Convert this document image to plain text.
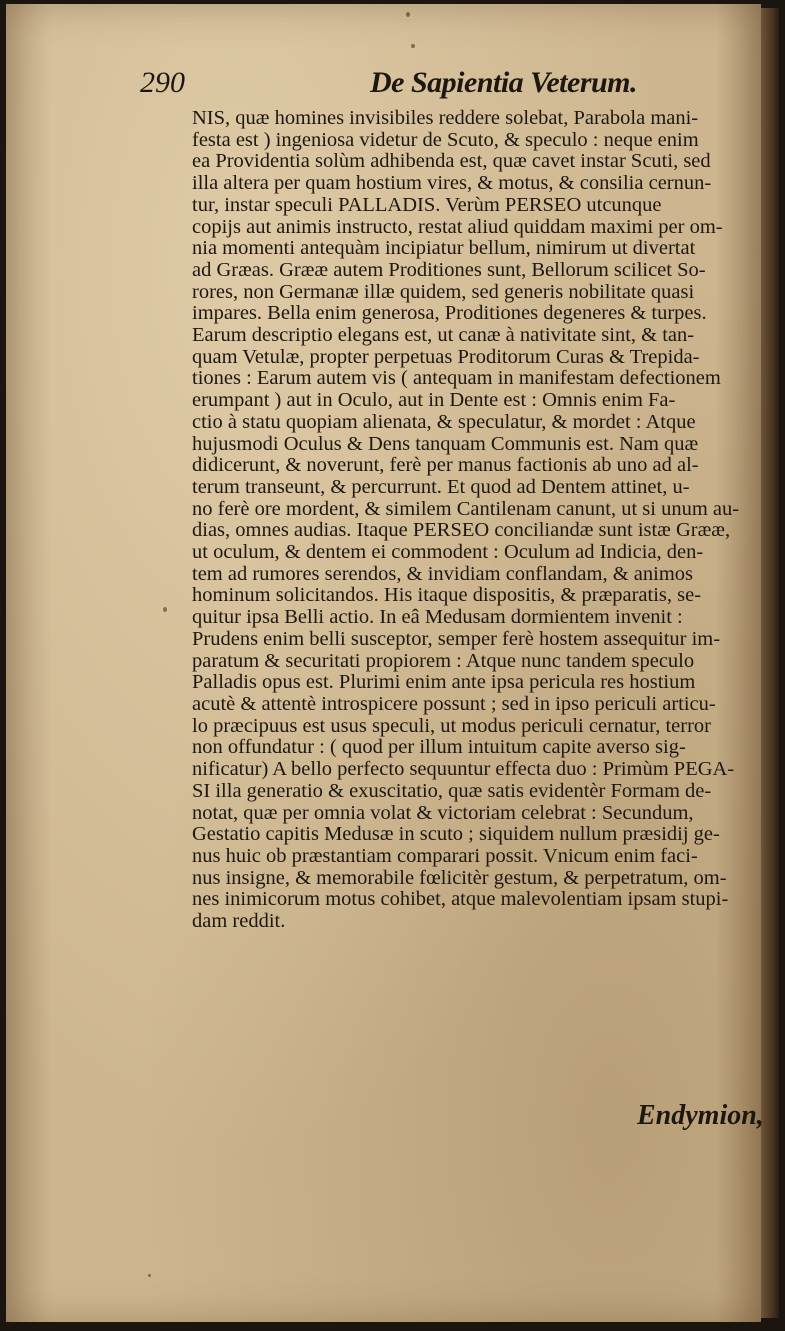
290	De Sapientia Veterum.
NIS, quæ homines invisibiles reddere solebat, Parabola mani-
festa est ) ingeniosa videtur de Scuto, & speculo : neque enim
ea Providentia solùm adhibenda est, quæ cavet instar Scuti, sed
illa altera per quam hostium vires, & motus, & consilia cernun-
tur, instar speculi PALLADIS. Verùm PERSEO utcunque
copijs aut animis instructo, restat aliud quiddam maximi per om-
nia momenti antequàm incipiatur bellum, nimirum ut divertat
ad Græas. Grææ autem Proditiones sunt, Bellorum scilicet So-
rores, non Germanæ illæ quidem, sed generis nobilitate quasi
impares. Bella enim generosa, Proditiones degeneres & turpes.
Earum descriptio elegans est, ut canæ à nativitate sint, & tan-
quam Vetulæ, propter perpetuas Proditorum Curas & Trepida-
tiones : Earum autem vis ( antequam in manifestam defectionem
erumpant ) aut in Oculo, aut in Dente est : Omnis enim Fa-
ctio à statu quopiam alienata, & speculatur, & mordet : Atque
hujusmodi Oculus & Dens tanquam Communis est. Nam quæ
didicerunt, & noverunt, ferè per manus factionis ab uno ad al-
terum transeunt, & percurrunt. Et quod ad Dentem attinet, u-
no ferè ore mordent, & similem Cantilenam canunt, ut si unum au-
dias, omnes audias. Itaque PERSEO conciliandæ sunt istæ Grææ,
ut oculum, & dentem ei commodent : Oculum ad Indicia, den-
tem ad rumores serendos, & invidiam conflandam, & animos
hominum solicitandos. His itaque dispositis, & præparatis, se-
quitur ipsa Belli actio. In eâ Medusam dormientem invenit :
Prudens enim belli susceptor, semper ferè hostem assequitur im-
paratum & securitati propiorem : Atque nunc tandem speculo
Palladis opus est. Plurimi enim ante ipsa pericula res hostium
acutè & attentè introspicere possunt ; sed in ipso periculi articu-
lo præcipuus est usus speculi, ut modus periculi cernatur, terror
non offundatur : ( quod per illum intuitum capite averso sig-
nificatur) A bello perfecto sequuntur effecta duo : Primùm PEGA-
SI illa generatio & exuscitatio, quæ satis evidentèr Formam de-
notat, quæ per omnia volat & victoriam celebrat : Secundum,
Gestatio capitis Medusæ in scuto ; siquidem nullum præsidij ge-
nus huic ob præstantiam comparari possit. Vnicum enim faci-
nus insigne, & memorabile fœlicitèr gestum, & perpetratum, om-
nes inimicorum motus cohibet, atque malevolentiam ipsam stupi-
dam reddit.
Endymion,
